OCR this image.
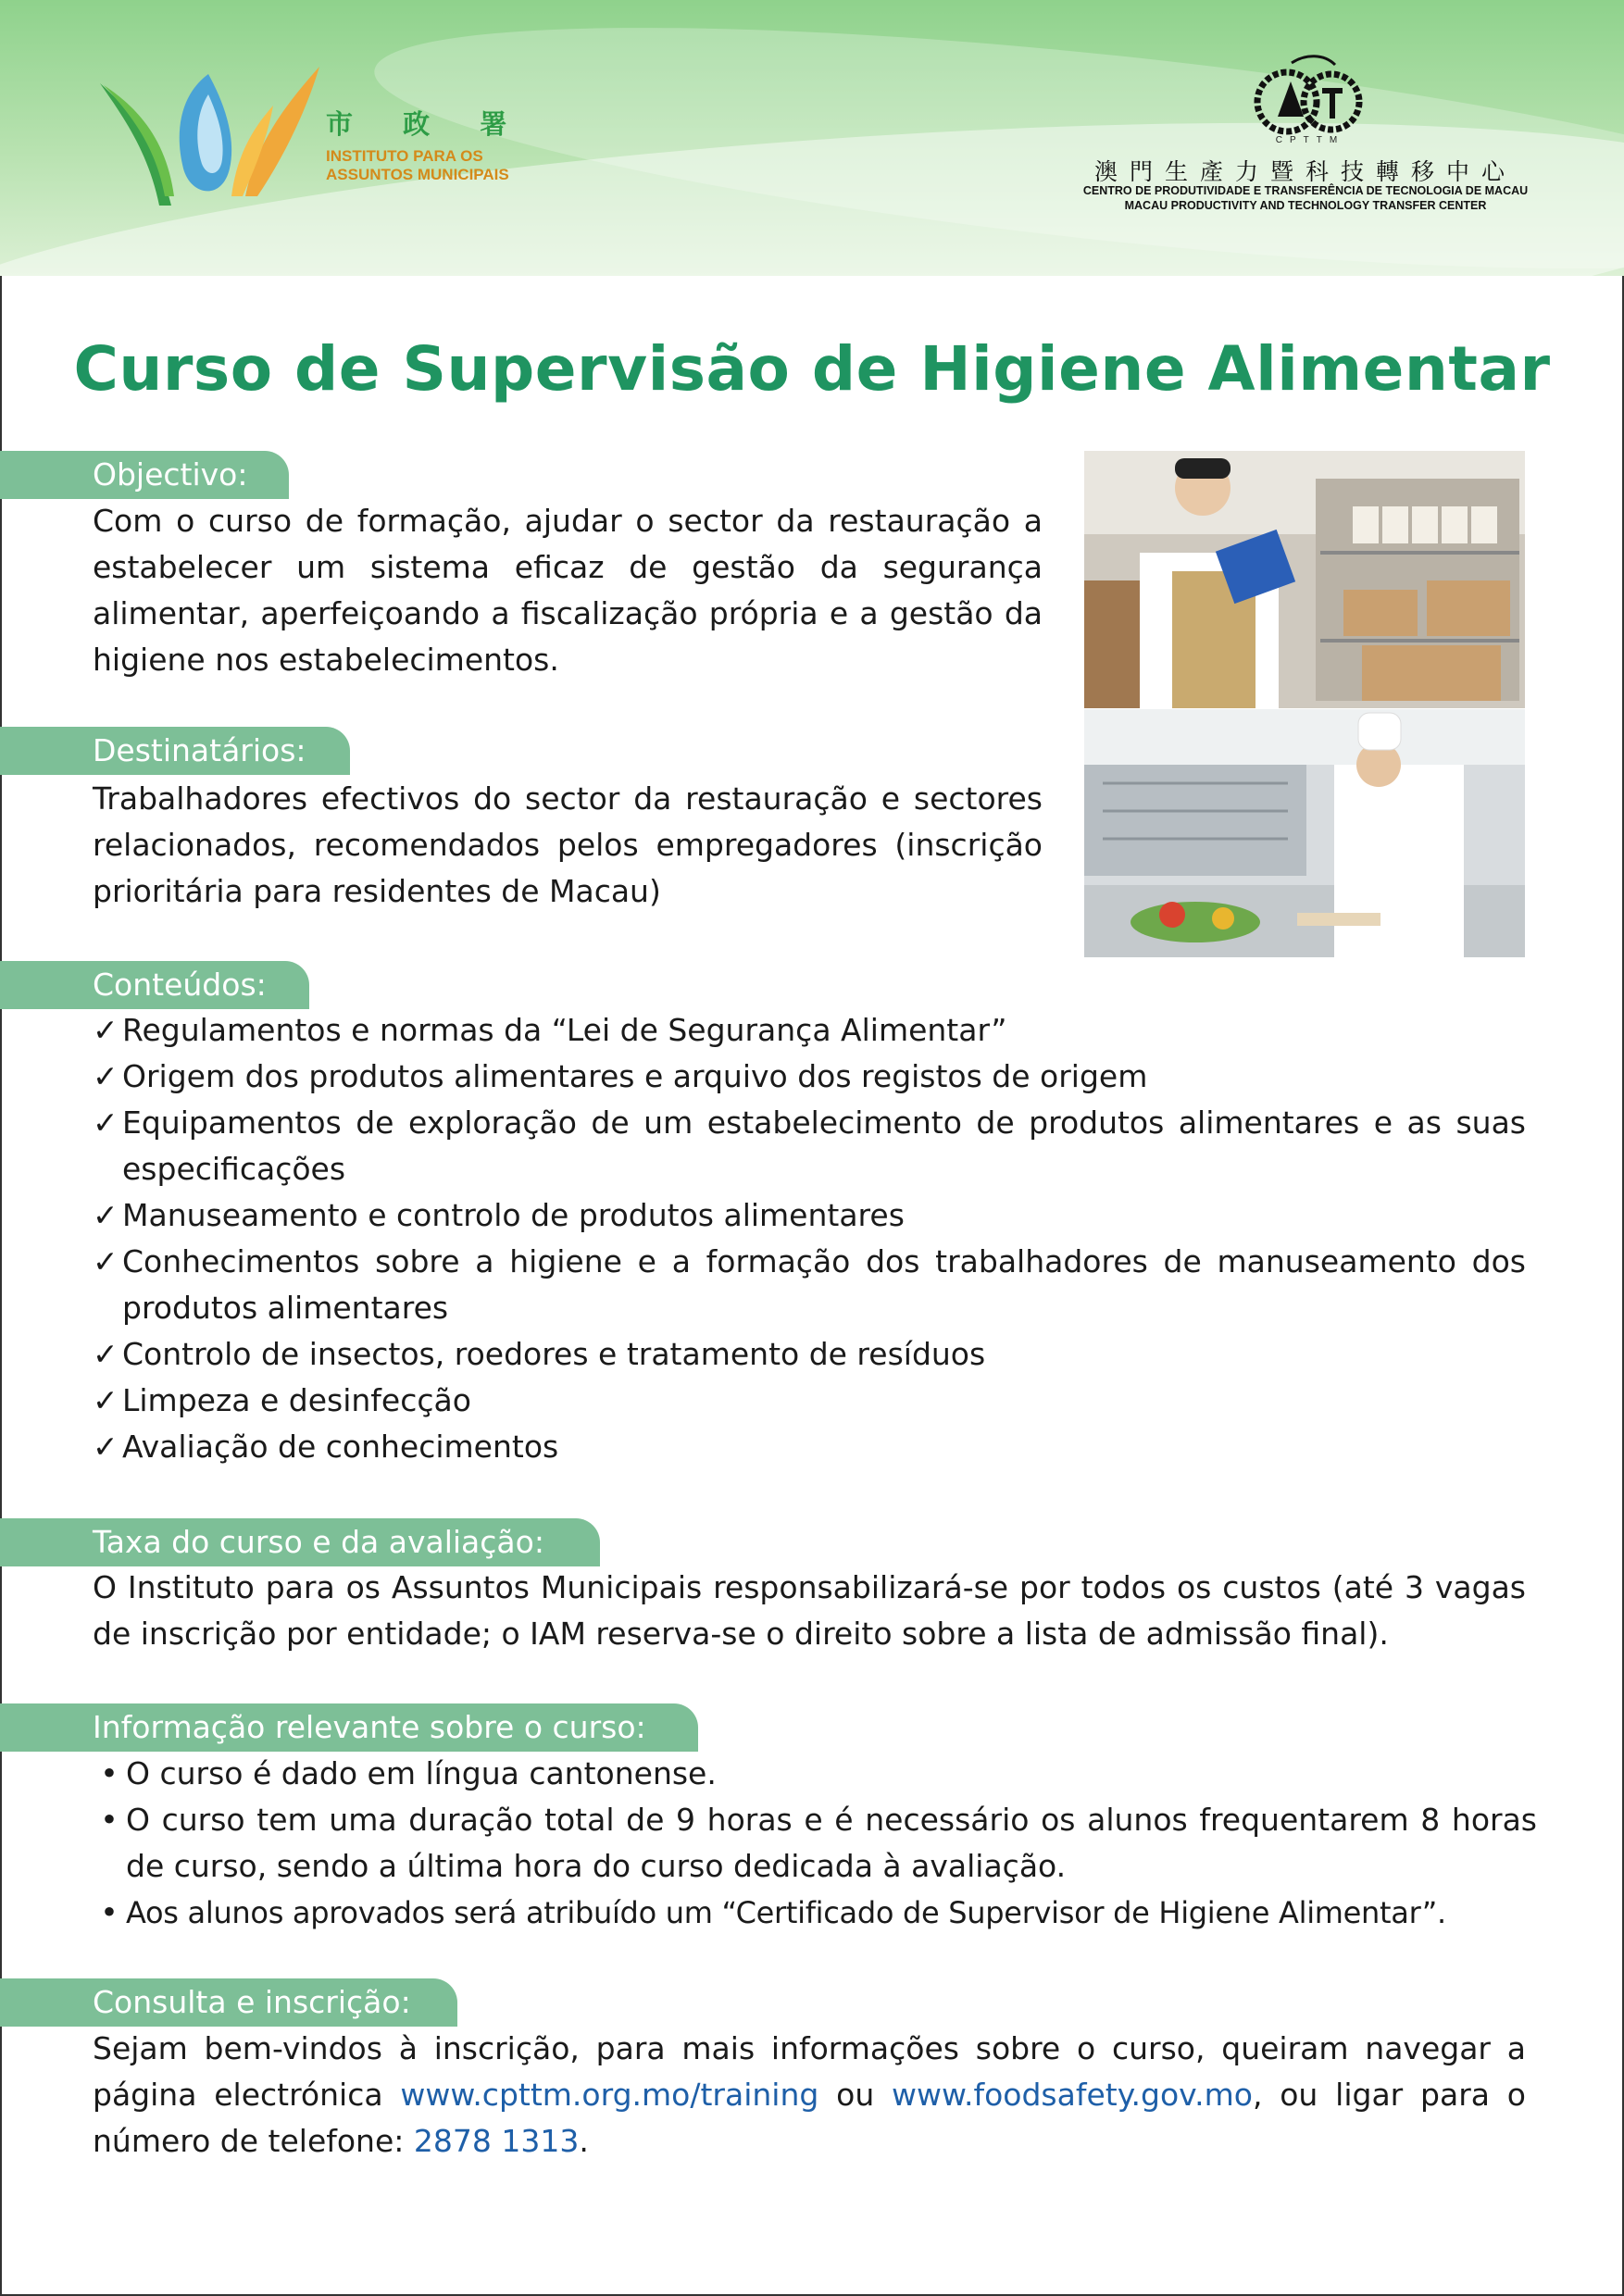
市 政 署
INSTITUTO PARA OS
ASSUNTOS MUNICIPAIS
CPTTM
澳門生產力暨科技轉移中心
CENTRO DE PRODUTIVIDADE E TRANSFERÊNCIA DE TECNOLOGIA DE MACAU
MACAU PRODUCTIVITY AND TECHNOLOGY TRANSFER CENTER
Curso de Supervisão de Higiene Alimentar
Objectivo:
Com o curso de formação, ajudar o sector da restauração a estabelecer um sistema eficaz de gestão da segurança alimentar, aperfeiçoando a fiscalização própria e a gestão da higiene nos estabelecimentos.
Destinatários:
Trabalhadores efectivos do sector da restauração e sectores relacionados, recomendados pelos empregadores (inscrição prioritária para residentes de Macau)
Conteúdos:
✓ Regulamentos e normas da “Lei de Segurança Alimentar”
✓ Origem dos produtos alimentares e arquivo dos registos de origem
✓ Equipamentos de exploração de um estabelecimento de produtos alimentares e as suas especificações
✓ Manuseamento e controlo de produtos alimentares
✓ Conhecimentos sobre a higiene e a formação dos trabalhadores de manuseamento dos produtos alimentares
✓ Controlo de insectos, roedores e tratamento de resíduos
✓ Limpeza e desinfecção
✓ Avaliação de conhecimentos
Taxa do curso e da avaliação:
O Instituto para os Assuntos Municipais responsabilizará-se por todos os custos (até 3 vagas de inscrição por entidade; o IAM reserva-se o direito sobre a lista de admissão final).
Informação relevante sobre o curso:
• O curso é dado em língua cantonense.
• O curso tem uma duração total de 9 horas e é necessário os alunos frequentarem 8 horas de curso, sendo a última hora do curso dedicada à avaliação.
• Aos alunos aprovados será atribuído um “Certificado de Supervisor de Higiene Alimentar”.
Consulta e inscrição:
Sejam bem-vindos à inscrição, para mais informações sobre o curso, queiram navegar a página electrónica www.cpttm.org.mo/training ou www.foodsafety.gov.mo, ou ligar para o número de telefone: 2878 1313.
